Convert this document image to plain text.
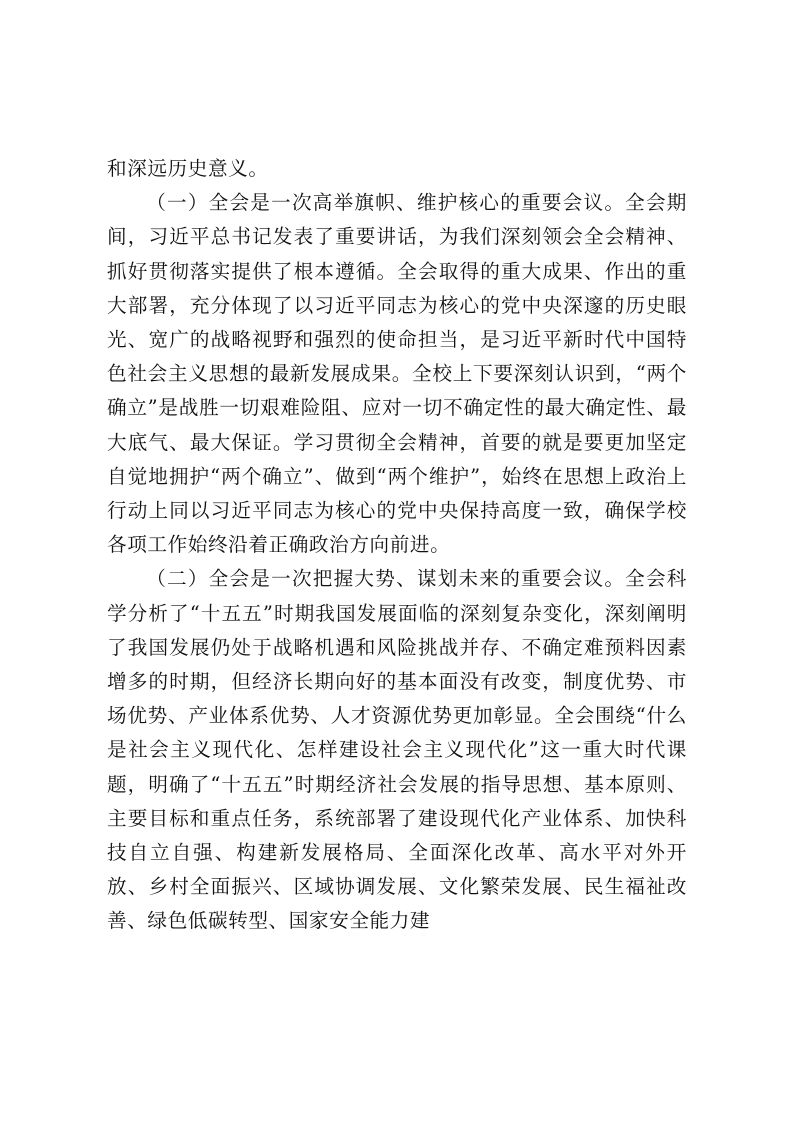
和深远历史意义。

（一）全会是一次高举旗帜、维护核心的重要会议。全会期间，习近平总书记发表了重要讲话，为我们深刻领会全会精神、抓好贯彻落实提供了根本遵循。全会取得的重大成果、作出的重大部署，充分体现了以习近平同志为核心的党中央深邃的历史眼光、宽广的战略视野和强烈的使命担当，是习近平新时代中国特色社会主义思想的最新发展成果。全校上下要深刻认识到，“两个确立”是战胜一切艰难险阻、应对一切不确定性的最大确定性、最大底气、最大保证。学习贯彻全会精神，首要的就是要更加坚定自觉地拥护“两个确立”、做到“两个维护”，始终在思想上政治上行动上同以习近平同志为核心的党中央保持高度一致，确保学校各项工作始终沿着正确政治方向前进。

（二）全会是一次把握大势、谋划未来的重要会议。全会科学分析了“十五五”时期我国发展面临的深刻复杂变化，深刻阐明了我国发展仍处于战略机遇和风险挑战并存、不确定难预料因素增多的时期，但经济长期向好的基本面没有改变，制度优势、市场优势、产业体系优势、人才资源优势更加彰显。全会围绕“什么是社会主义现代化、怎样建设社会主义现代化”这一重大时代课题，明确了“十五五”时期经济社会发展的指导思想、基本原则、主要目标和重点任务，系统部署了建设现代化产业体系、加快科技自立自强、构建新发展格局、全面深化改革、高水平对外开放、乡村全面振兴、区域协调发展、文化繁荣发展、民生福祉改善、绿色低碳转型、国家安全能力建
